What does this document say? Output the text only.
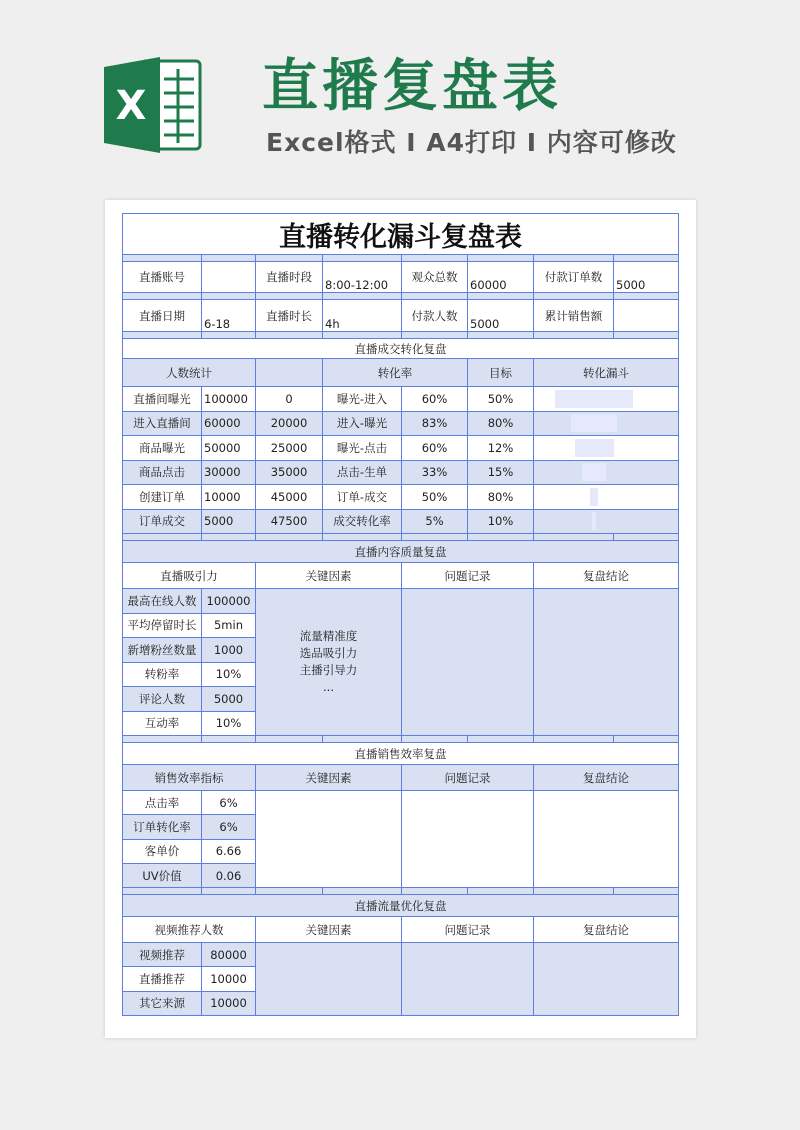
X 直播复盘表
Excel格式 I A4打印 I 内容可修改
直播转化漏斗复盘表							

直播账号		直播时段	8:00-12:00	观众总数	60000	付款订单数	5000

直播日期	6-18	直播时长	4h	付款人数	5000	累计销售额	

直播成交转化复盘							
人数统计			转化率		目标	转化漏斗	
直播间曝光	100000	0	曝光-进入	60%	50%		

进入直播间	60000	20000	进入-曝光	83%	80%		

商品曝光	50000	25000	曝光-点击	60%	12%		

商品点击	30000	35000	点击-生单	33%	15%		

创建订单	10000	45000	订单-成交	50%	80%		

订单成交	5000	47500	成交转化率	5%	10%		

直播内容质量复盘							
直播吸引力		关键因素		问题记录		复盘结论	
最高在线人数	100000	流量精准度
选品吸引力
主播引导力
...					

平均停留时长	5min						
新增粉丝数量	1000						
转粉率	10%						
评论人数	5000						
互动率	10%						

直播销售效率复盘							
销售效率指标		关键因素		问题记录		复盘结论	
点击率	6%						
订单转化率	6%						
客单价	6.66						
UV价值	0.06						

直播流量优化复盘							
视频推荐人数		关键因素		问题记录		复盘结论	
视频推荐	80000						
直播推荐	10000						
其它来源	10000						
